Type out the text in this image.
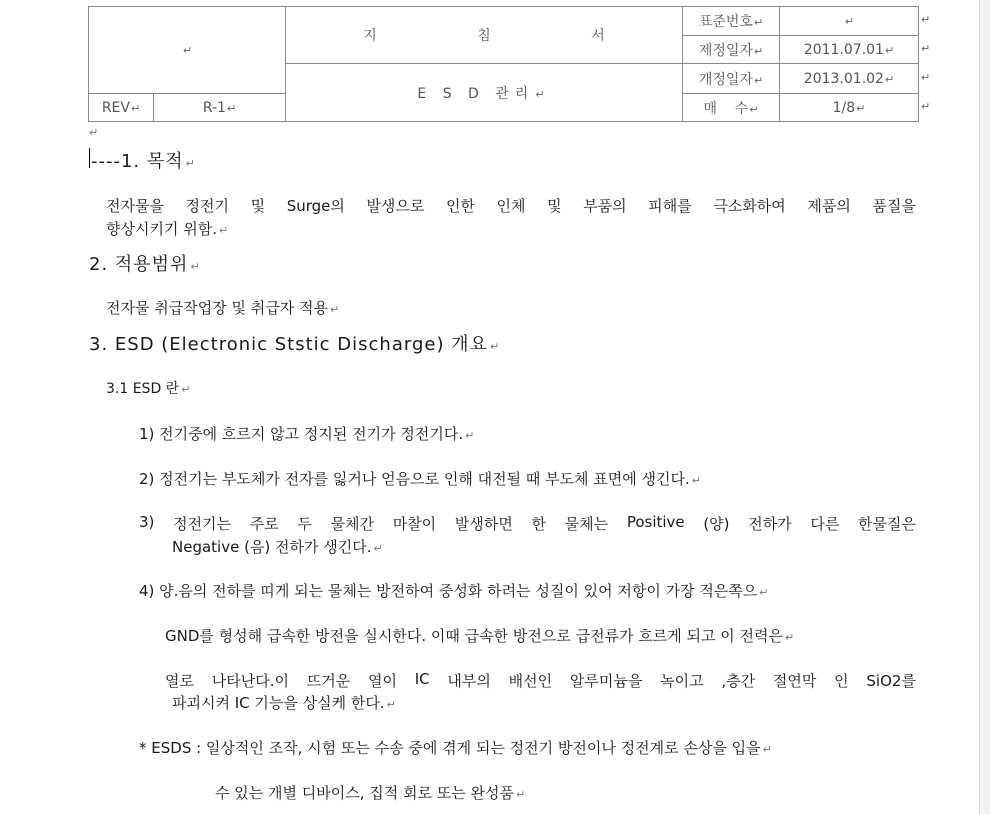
↵		지 침 서	표준번호↵	↵
			제정일자↵	2011.07.01↵
		E S D 관리↵	개정일자↵	2013.01.02↵
REV↵	R-1↵		매    수↵	1/8↵
↵
↵
↵
↵
↵
----1. 목적 ↵
전자물을 정전기 및 Surge의 발생으로 인한 인체 및 부품의 피해를 극소화하여 제품의 품질을
향상시키기 위함. ↵
2. 적용범위 ↵
전자물 취급작업장 및 취급자 적용 ↵
3. ESD (Electronic Ststic Discharge) 개요 ↵
3.1 ESD 란 ↵
1) 전기중에 흐르지 않고 정지된 전기가 정전기다. ↵
2) 정전기는 부도체가 전자를 잃거나 얻음으로 인해 대전될 때 부도체 표면에 생긴다. ↵
3) 정전기는 주로 두 물체간 마찰이 발생하면 한 물체는 Positive (양) 전하가 다른 한물질은
Negative (음) 전하가 생긴다. ↵
4) 양.음의 전하를 띠게 되는 물체는 방전하여 중성화 하려는 성질이 있어 저항이 가장 적은쪽으 ↵
GND를 형성해 급속한 방전을 실시한다. 이때 급속한 방전으로 급전류가 흐르게 되고 이 전력은 ↵
열로 나타난다.이 뜨거운 열이 IC 내부의 배선인 알루미늄을 녹이고 ,층간 절연막 인 SiO2를
파괴시켜 IC 기능을 상실케 한다. ↵
* ESDS : 일상적인 조작, 시험 또는 수송 중에 겪게 되는 정전기 방전이나 정전계로 손상을 입을 ↵
수 있는 개별 디바이스, 집적 회로 또는 완성품 ↵
